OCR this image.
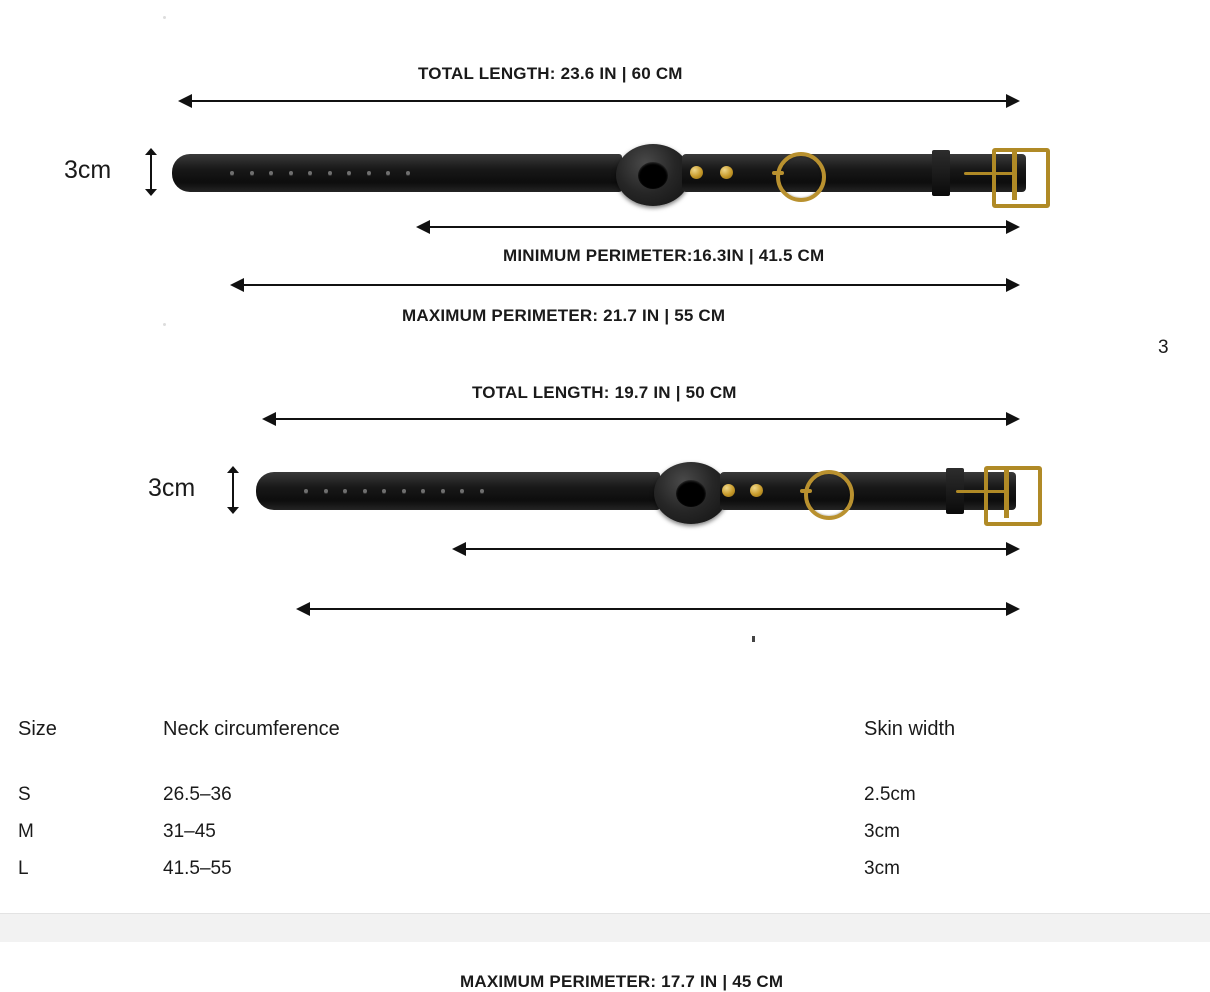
TOTAL LENGTH: 23.6 IN | 60 CM
3cm
MINIMUM PERIMETER:16.3IN | 41.5 CM
MAXIMUM PERIMETER: 21.7 IN | 55 CM
3
TOTAL LENGTH: 19.7 IN | 50 CM
3cm
MAXIMUM PERIMETER: 17.7 IN | 45 CM
Size	Neck circumference	Skin width
S	26.5–36	2.5cm
M	31–45	3cm
L	41.5–55	3cm
